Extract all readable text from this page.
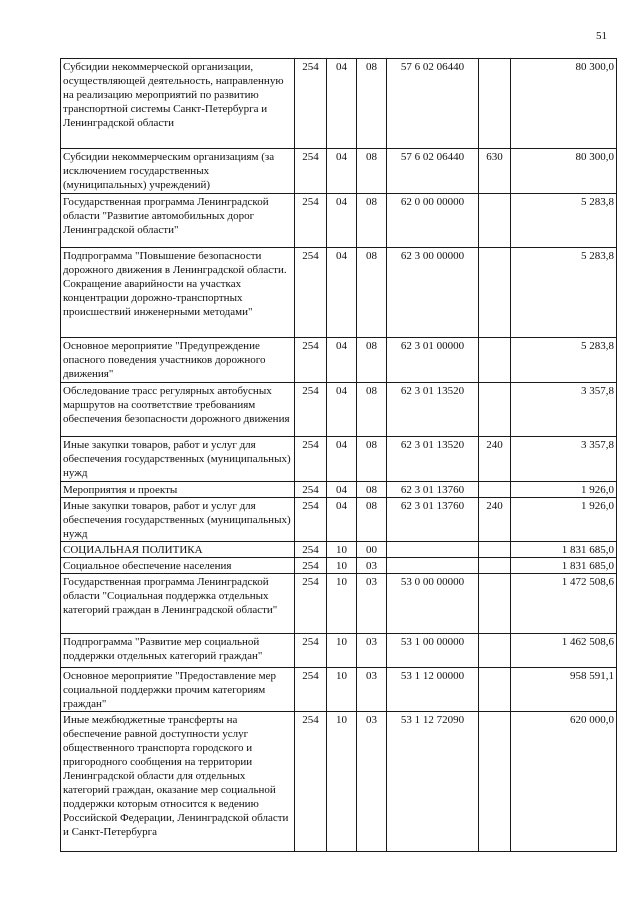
51
Субсидии некоммерческой организации, осуществляющей деятельность, направленную на реализацию мероприятий по развитию транспортной системы Санкт-Петербурга и Ленинградской области	254	04	08	57 6 02 06440		80 300,0
Субсидии некоммерческим организациям (за исключением государственных (муниципальных) учреждений)	254	04	08	57 6 02 06440	630	80 300,0
Государственная программа Ленинградской области "Развитие автомобильных дорог Ленинградской области"	254	04	08	62 0 00 00000		5 283,8
Подпрограмма "Повышение безопасности дорожного движения в Ленинградской области. Сокращение аварийности на участках концентрации дорожно-транспортных происшествий инженерными методами"	254	04	08	62 3 00 00000		5 283,8
Основное мероприятие "Предупреждение опасного поведения участников дорожного движения"	254	04	08	62 3 01 00000		5 283,8
Обследование трасс регулярных автобусных маршрутов на соответствие требованиям обеспечения безопасности дорожного движения	254	04	08	62 3 01 13520		3 357,8
Иные закупки товаров, работ и услуг для обеспечения государственных (муниципальных) нужд	254	04	08	62 3 01 13520	240	3 357,8
Мероприятия и проекты	254	04	08	62 3 01 13760		1 926,0
Иные закупки товаров, работ и услуг для обеспечения государственных (муниципальных) нужд	254	04	08	62 3 01 13760	240	1 926,0
СОЦИАЛЬНАЯ ПОЛИТИКА	254	10	00			1 831 685,0
Социальное обеспечение населения	254	10	03			1 831 685,0
Государственная программа Ленинградской области "Социальная поддержка отдельных категорий граждан в Ленинградской области"	254	10	03	53 0 00 00000		1 472 508,6
Подпрограмма "Развитие мер социальной поддержки отдельных категорий граждан"	254	10	03	53 1 00 00000		1 462 508,6
Основное мероприятие "Предоставление мер социальной поддержки прочим категориям граждан"	254	10	03	53 1 12 00000		958 591,1
Иные межбюджетные трансферты на обеспечение равной доступности услуг общественного транспорта городского и пригородного сообщения на территории Ленинградской области для отдельных категорий граждан, оказание мер социальной поддержки которым относится к ведению Российской Федерации, Ленинградской области и Санкт-Петербурга	254	10	03	53 1 12 72090		620 000,0
